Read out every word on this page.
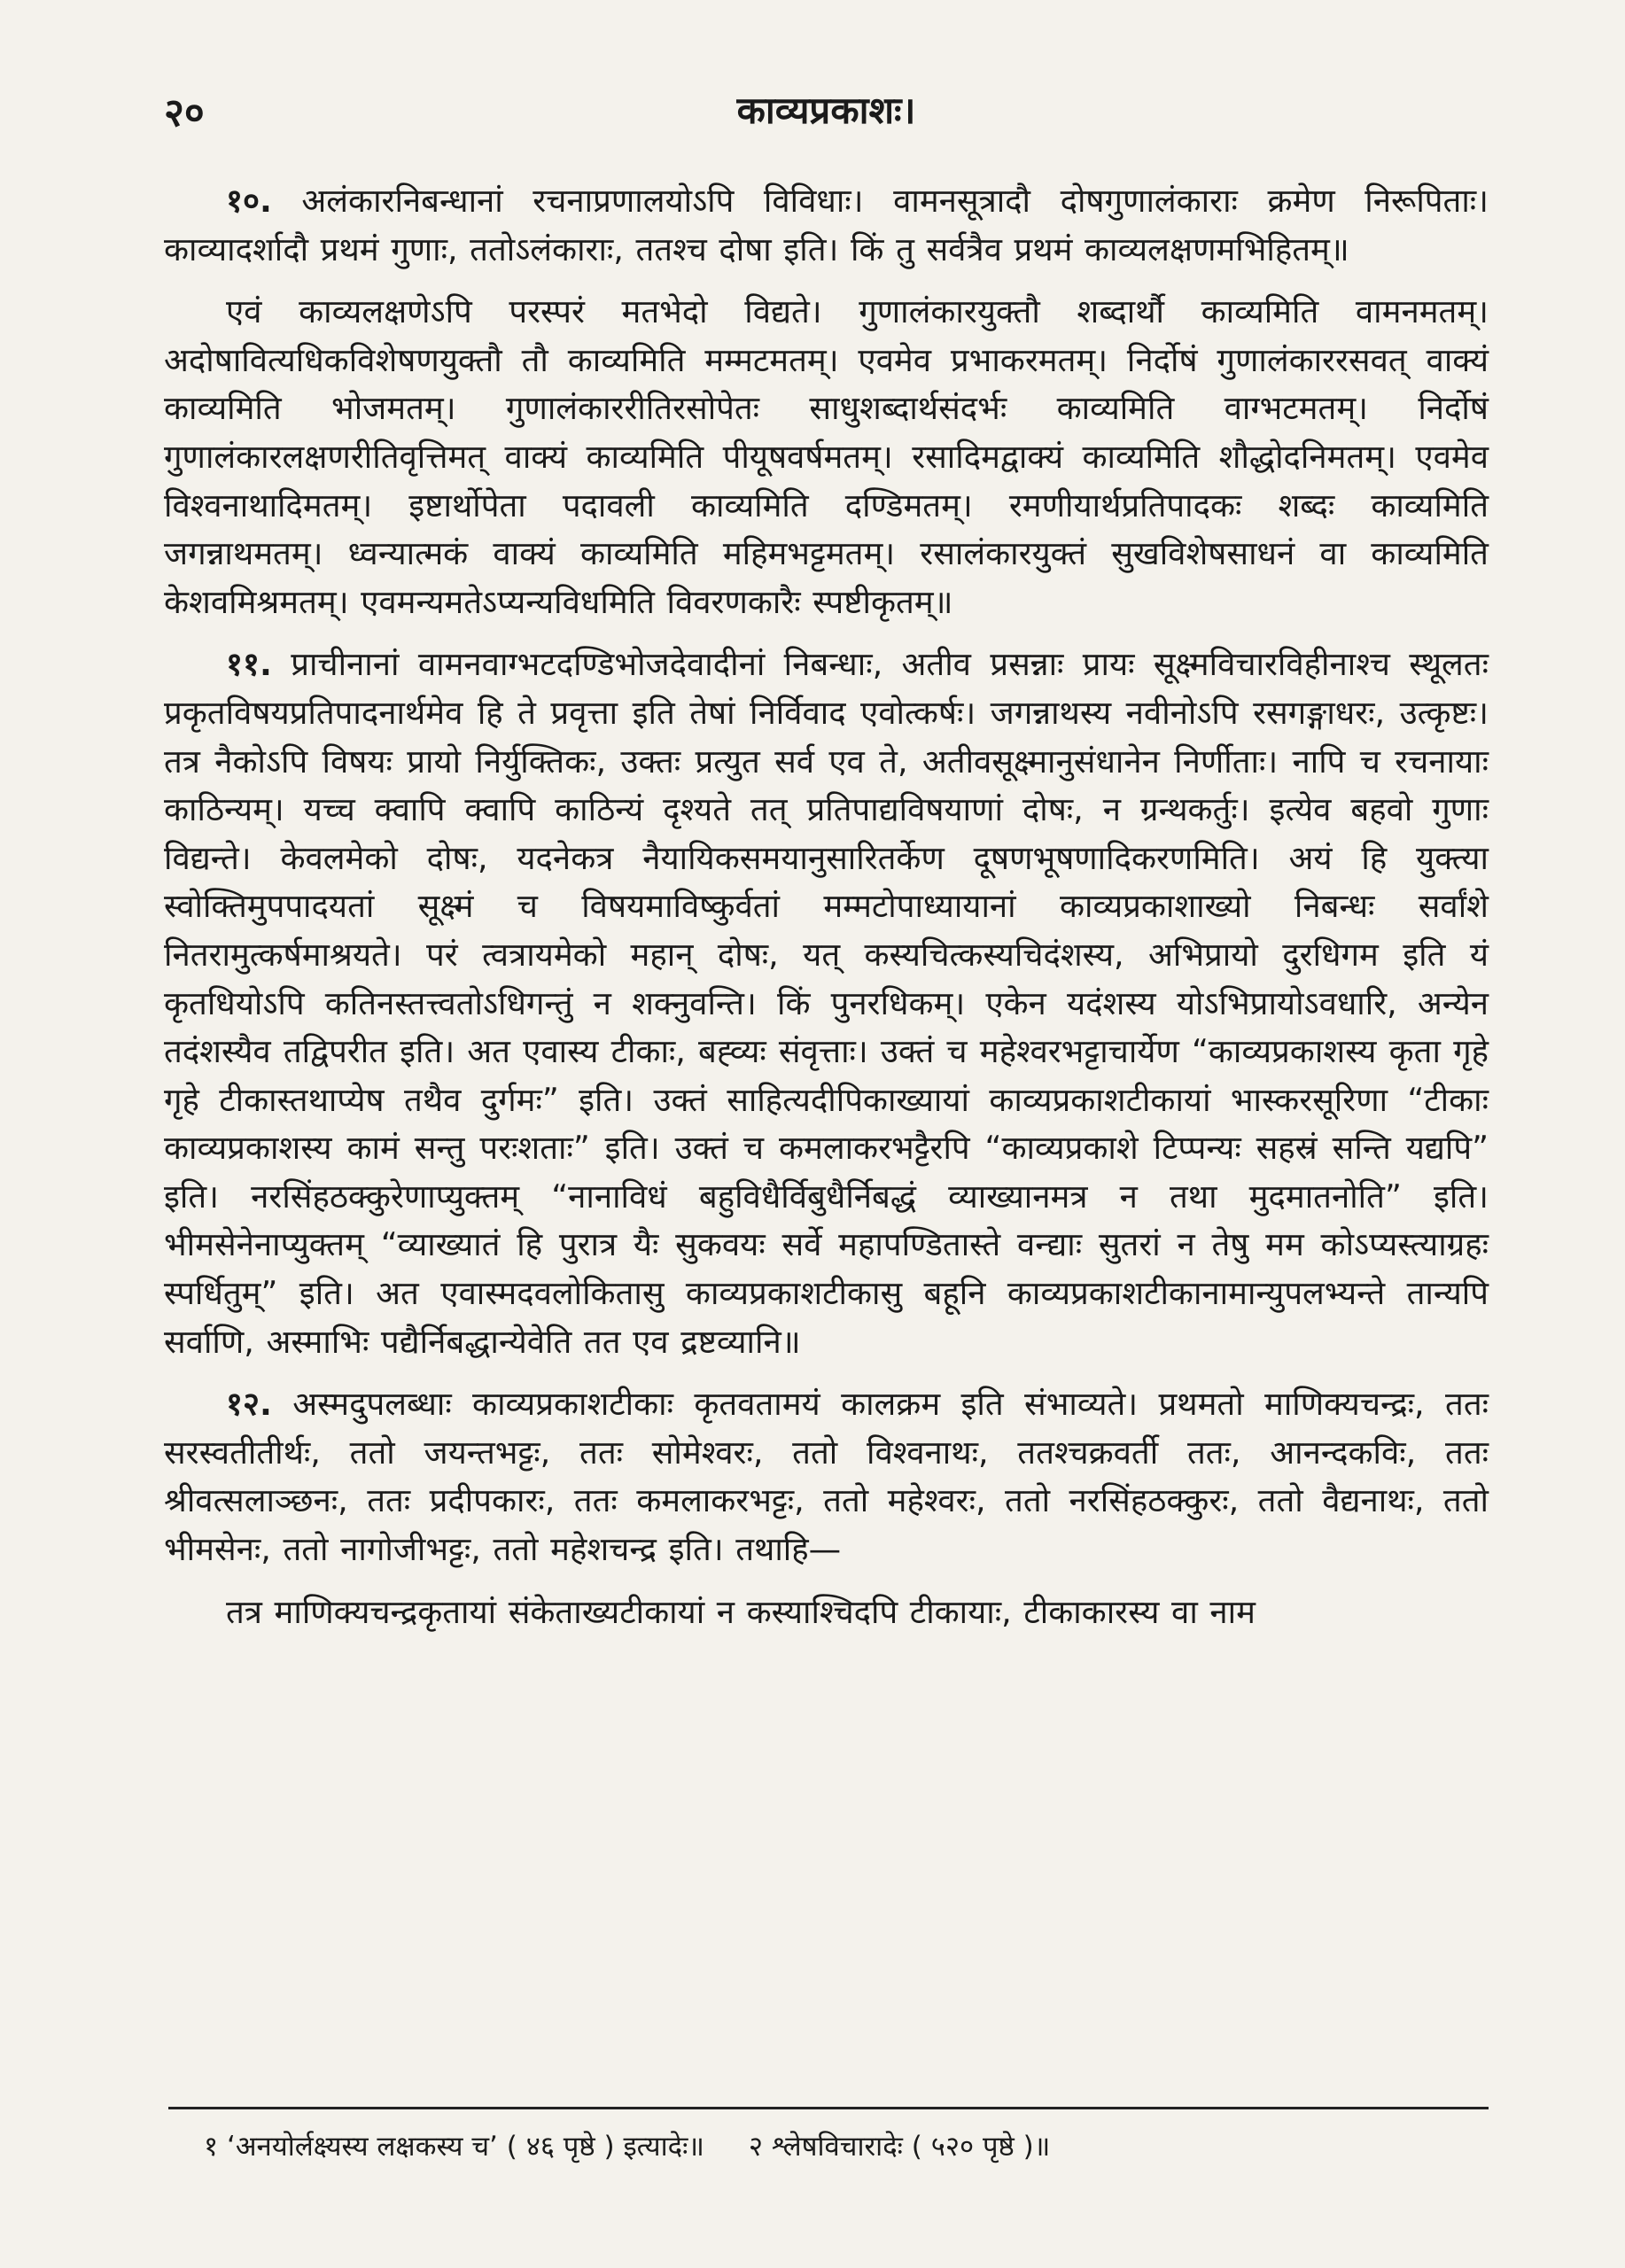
२०	काव्यप्रकाशः।

१०. अलंकारनिबन्धानां रचनाप्रणालयोऽपि विविधाः। वामनसूत्रादौ दोषगुणालंकाराः क्रमेण निरूपिताः। काव्यादर्शादौ प्रथमं गुणाः, ततोऽलंकाराः, ततश्च दोषा इति। किं तु सर्वत्रैव प्रथमं काव्यलक्षणमभिहितम्॥

एवं काव्यलक्षणेऽपि परस्परं मतभेदो विद्यते। गुणालंकारयुक्तौ शब्दार्थौ काव्यमिति वामनमतम्। अदोषावित्यधिकविशेषणयुक्तौ तौ काव्यमिति मम्मटमतम्। एवमेव प्रभाकरमतम्। निर्दोषं गुणालंकाररसवत् वाक्यं काव्यमिति भोजमतम्। गुणालंकाररीतिरसोपेतः साधुशब्दार्थसंदर्भः काव्यमिति वाग्भटमतम्। निर्दोषं गुणालंकारलक्षणरीतिवृत्तिमत् वाक्यं काव्यमिति पीयूषवर्षमतम्। रसादिमद्वाक्यं काव्यमिति शौद्धोदनिमतम्। एवमेव विश्वनाथादिमतम्। इष्टार्थोपेता पदावली काव्यमिति दण्डिमतम्। रमणीयार्थप्रतिपादकः शब्दः काव्यमिति जगन्नाथमतम्। ध्वन्यात्मकं वाक्यं काव्यमिति महिमभट्टमतम्। रसालंकारयुक्तं सुखविशेषसाधनं वा काव्यमिति केशवमिश्रमतम्। एवमन्यमतेऽप्यन्यविधमिति विवरणकारैः स्पष्टीकृतम्॥

११. प्राचीनानां वामनवाग्भटदण्डिभोजदेवादीनां निबन्धाः, अतीव प्रसन्नाः प्रायः सूक्ष्मविचारविहीनाश्च स्थूलतः प्रकृतविषयप्रतिपादनार्थमेव हि ते प्रवृत्ता इति तेषां निर्विवाद एवोत्कर्षः। जगन्नाथस्य नवीनोऽपि रसगङ्गाधरः, उत्कृष्टः। तत्र नैकोऽपि विषयः प्रायो निर्युक्तिकः, उक्तः प्रत्युत सर्व एव ते, अतीवसूक्ष्मानुसंधानेन निर्णीताः। नापि च रचनायाः काठिन्यम्। यच्च क्वापि क्वापि काठिन्यं दृश्यते तत् प्रतिपाद्यविषयाणां दोषः, न ग्रन्थकर्तुः। इत्येव बहवो गुणाः विद्यन्ते। केवलमेको दोषः, यदनेकत्र नैयायिकसमयानुसारितर्केण दूषणभूषणादिकरणमिति। अयं हि युक्त्या स्वोक्तिमुपपादयतां सूक्ष्मं च विषयमाविष्कुर्वतां मम्मटोपाध्यायानां काव्यप्रकाशाख्यो निबन्धः सर्वांशे नितरामुत्कर्षमाश्रयते। परं त्वत्रायमेको महान् दोषः, यत् कस्यचित्कस्यचिदंशस्य, अभिप्रायो दुरधिगम इति यं कृतधियोऽपि कतिनस्तत्त्वतोऽधिगन्तुं न शक्नुवन्ति। किं पुनरधिकम्। एकेन यदंशस्य योऽभिप्रायोऽवधारि, अन्येन तदंशस्यैव तद्विपरीत इति। अत एवास्य टीकाः, बह्व्यः संवृत्ताः। उक्तं च महेश्वरभट्टाचार्येण “काव्यप्रकाशस्य कृता गृहे गृहे टीकास्तथाप्येष तथैव दुर्गमः” इति। उक्तं साहित्यदीपिकाख्यायां काव्यप्रकाशटीकायां भास्करसूरिणा “टीकाः काव्यप्रकाशस्य कामं सन्तु परःशताः” इति। उक्तं च कमलाकरभट्टैरपि “काव्यप्रकाशे टिप्पन्यः सहस्रं सन्ति यद्यपि” इति। नरसिंहठक्कुरेणाप्युक्तम् “नानाविधं बहुविधैर्विबुधैर्निबद्धं व्याख्यानमत्र न तथा मुदमातनोति” इति। भीमसेनेनाप्युक्तम् “व्याख्यातं हि पुरात्र यैः सुकवयः सर्वे महापण्डितास्ते वन्द्याः सुतरां न तेषु मम कोऽप्यस्त्याग्रहः स्पर्धितुम्” इति। अत एवास्मदवलोकितासु काव्यप्रकाशटीकासु बहूनि काव्यप्रकाशटीकानामान्युपलभ्यन्ते तान्यपि सर्वाणि, अस्माभिः पद्यैर्निबद्धान्येवेति तत एव द्रष्टव्यानि॥

१२. अस्मदुपलब्धाः काव्यप्रकाशटीकाः कृतवतामयं कालक्रम इति संभाव्यते। प्रथमतो माणिक्यचन्द्रः, ततः सरस्वतीतीर्थः, ततो जयन्तभट्टः, ततः सोमेश्वरः, ततो विश्वनाथः, ततश्चक्रवर्ती ततः, आनन्दकविः, ततः श्रीवत्सलाञ्छनः, ततः प्रदीपकारः, ततः कमलाकरभट्टः, ततो महेश्वरः, ततो नरसिंहठक्कुरः, ततो वैद्यनाथः, ततो भीमसेनः, ततो नागोजीभट्टः, ततो महेशचन्द्र इति। तथाहि—

तत्र माणिक्यचन्द्रकृतायां संकेताख्यटीकायां न कस्याश्चिदपि टीकायाः, टीकाकारस्य वा नाम

१ ‘अनयोर्लक्ष्यस्य लक्षकस्य च’ ( ४६ पृष्ठे ) इत्यादेः॥ २ श्लेषविचारादेः ( ५२० पृष्ठे )॥
